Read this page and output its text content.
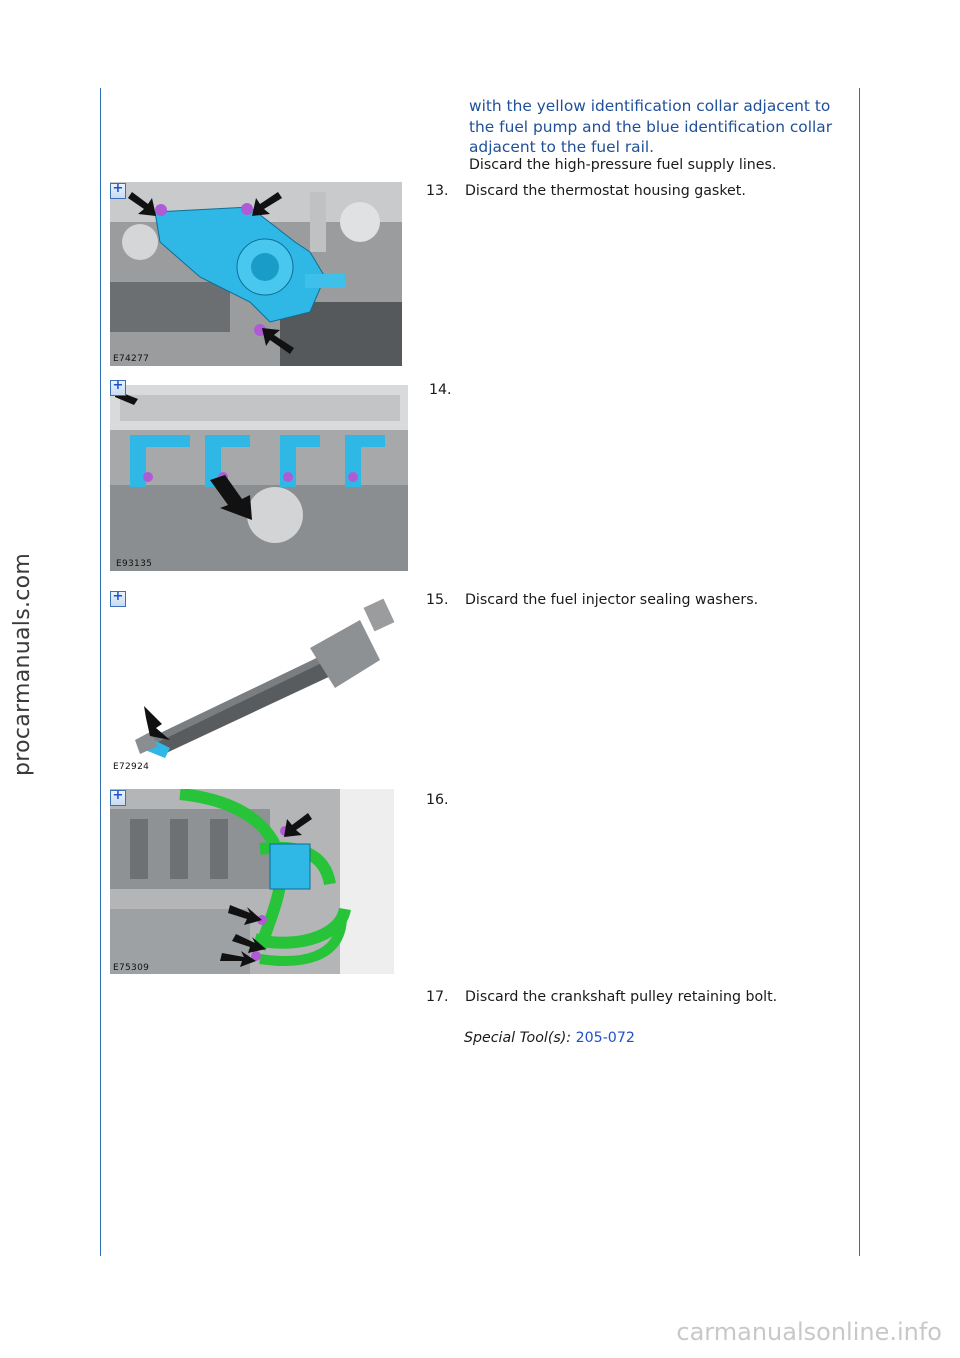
procarmanuals.com
with the yellow identification collar adjacent to the fuel pump and the blue identification collar adjacent to the fuel rail.
Discard the high-pressure fuel supply lines.
E74277
+	13. Discard the thermostat housing gasket.
E93135
+	14.
E72924
+	15. Discard the fuel injector sealing washers.
E75309
+	16.
17. Discard the crankshaft pulley retaining bolt.
Special Tool(s): 205-072
carmanualsonline.info
